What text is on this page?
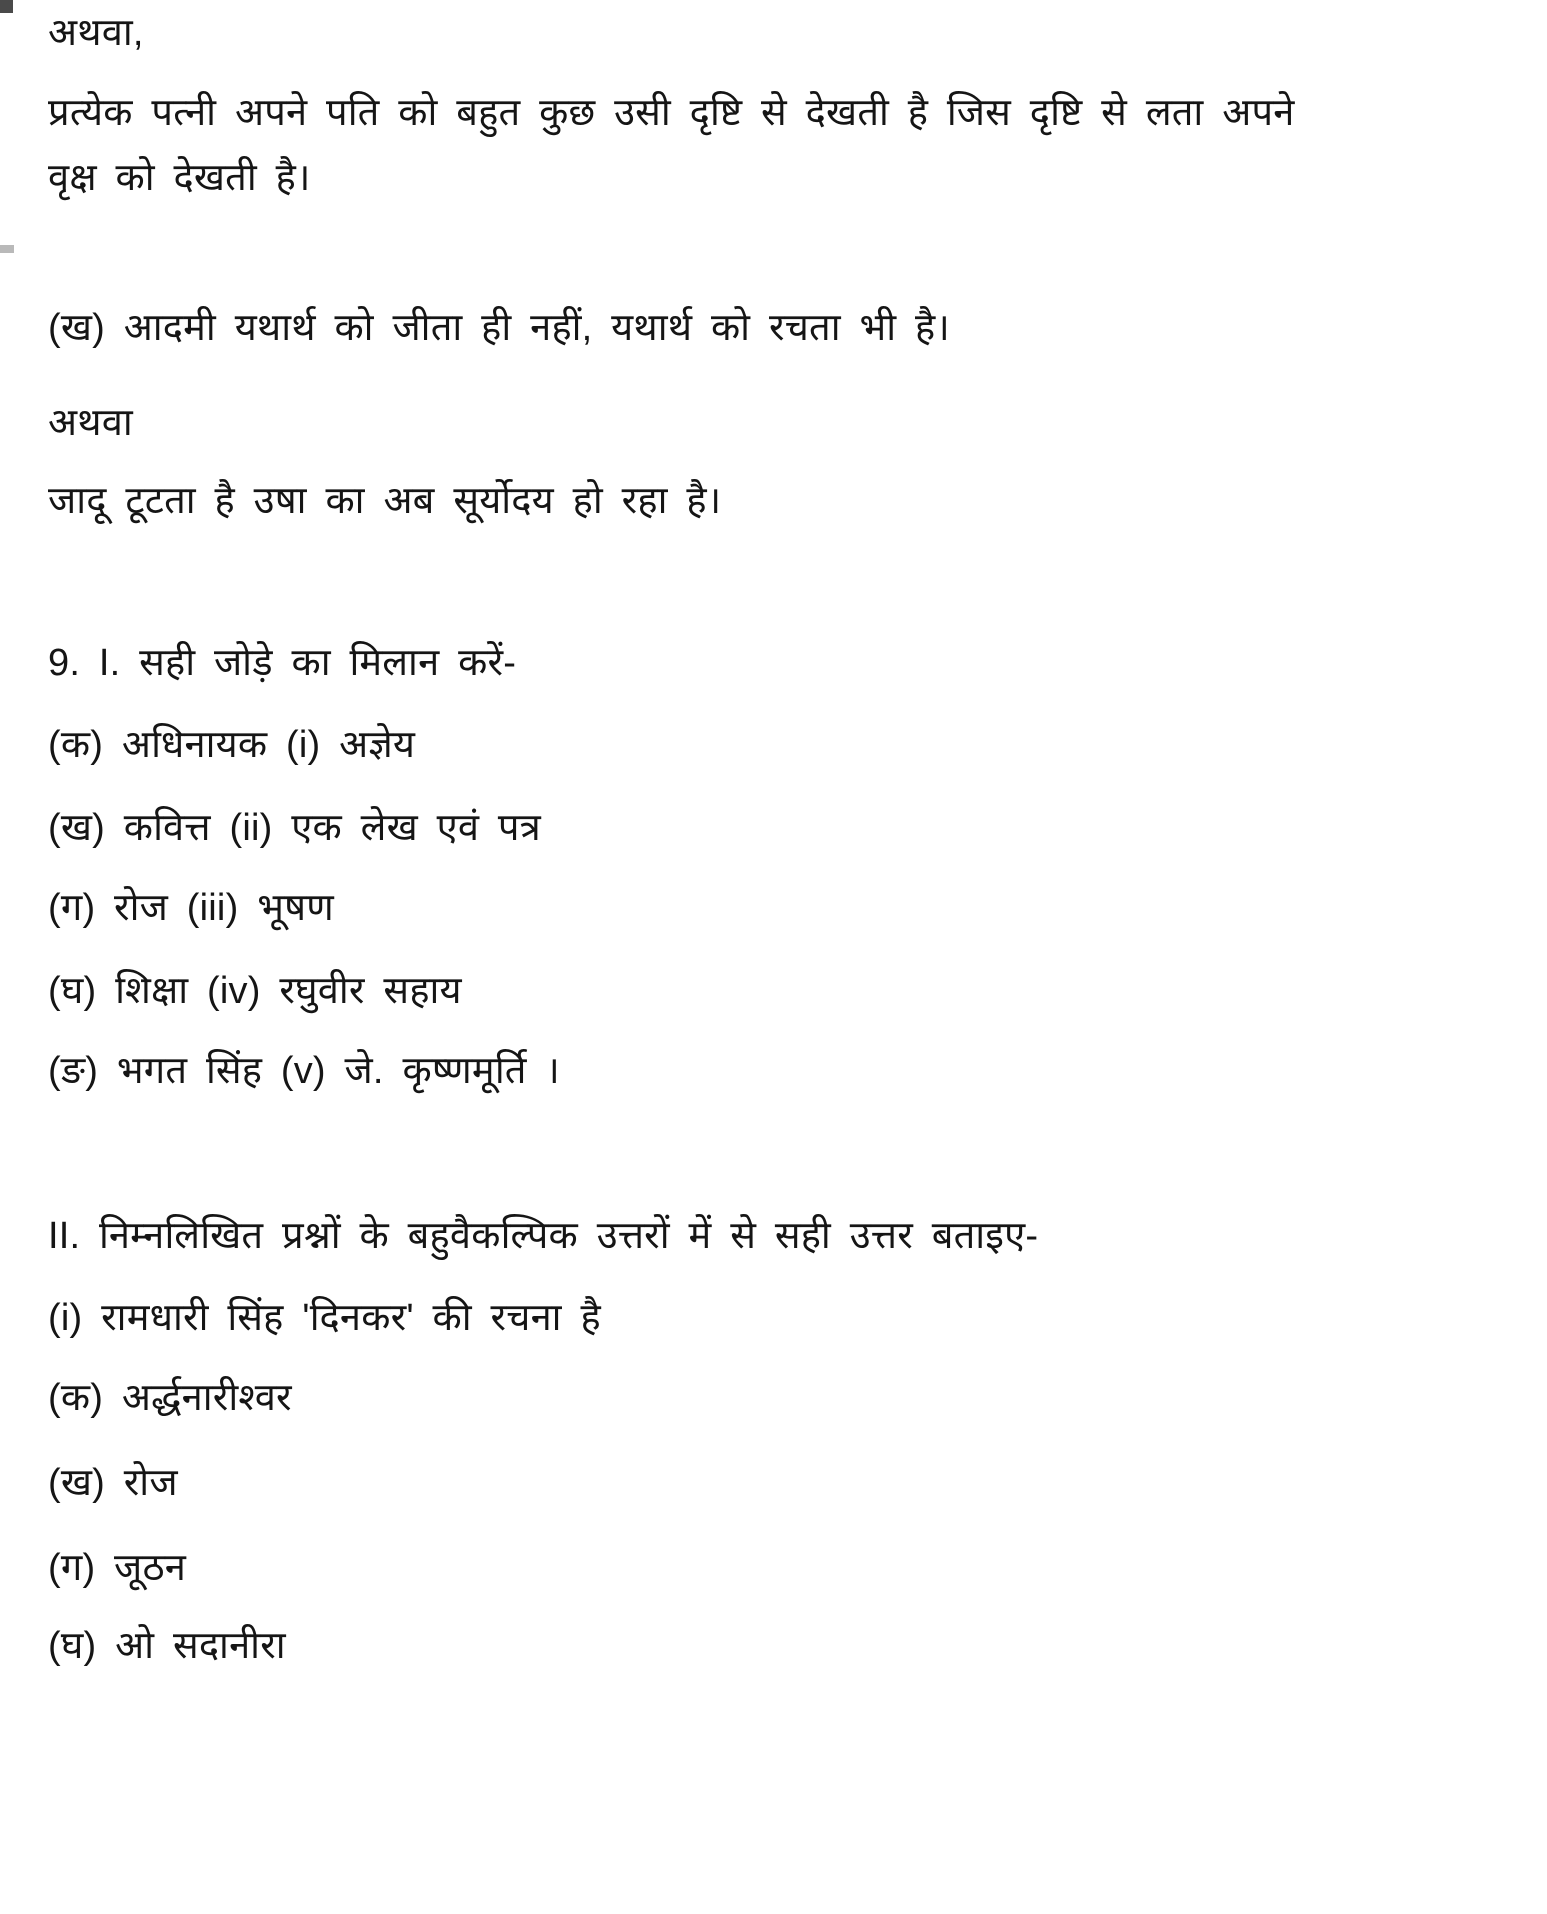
अथवा,

प्रत्येक पत्नी अपने पति को बहुत कुछ उसी दृष्टि से देखती है जिस दृष्टि से लता अपने

वृक्ष को देखती है।

(ख) आदमी यथार्थ को जीता ही नहीं, यथार्थ को रचता भी है।

अथवा

जादू टूटता है उषा का अब सूर्योदय हो रहा है।

9. I. सही जोड़े का मिलान करें-

(क) अधिनायक (i) अज्ञेय

(ख) कवित्त (ii) एक लेख एवं पत्र

(ग) रोज (iii) भूषण

(घ) शिक्षा (iv) रघुवीर सहाय

(ङ) भगत सिंह (v) जे. कृष्णमूर्ति ।

II. निम्नलिखित प्रश्नों के बहुवैकल्पिक उत्तरों में से सही उत्तर बताइए-

(i) रामधारी सिंह 'दिनकर' की रचना है

(क) अर्द्धनारीश्वर

(ख) रोज

(ग) जूठन

(घ) ओ सदानीरा
